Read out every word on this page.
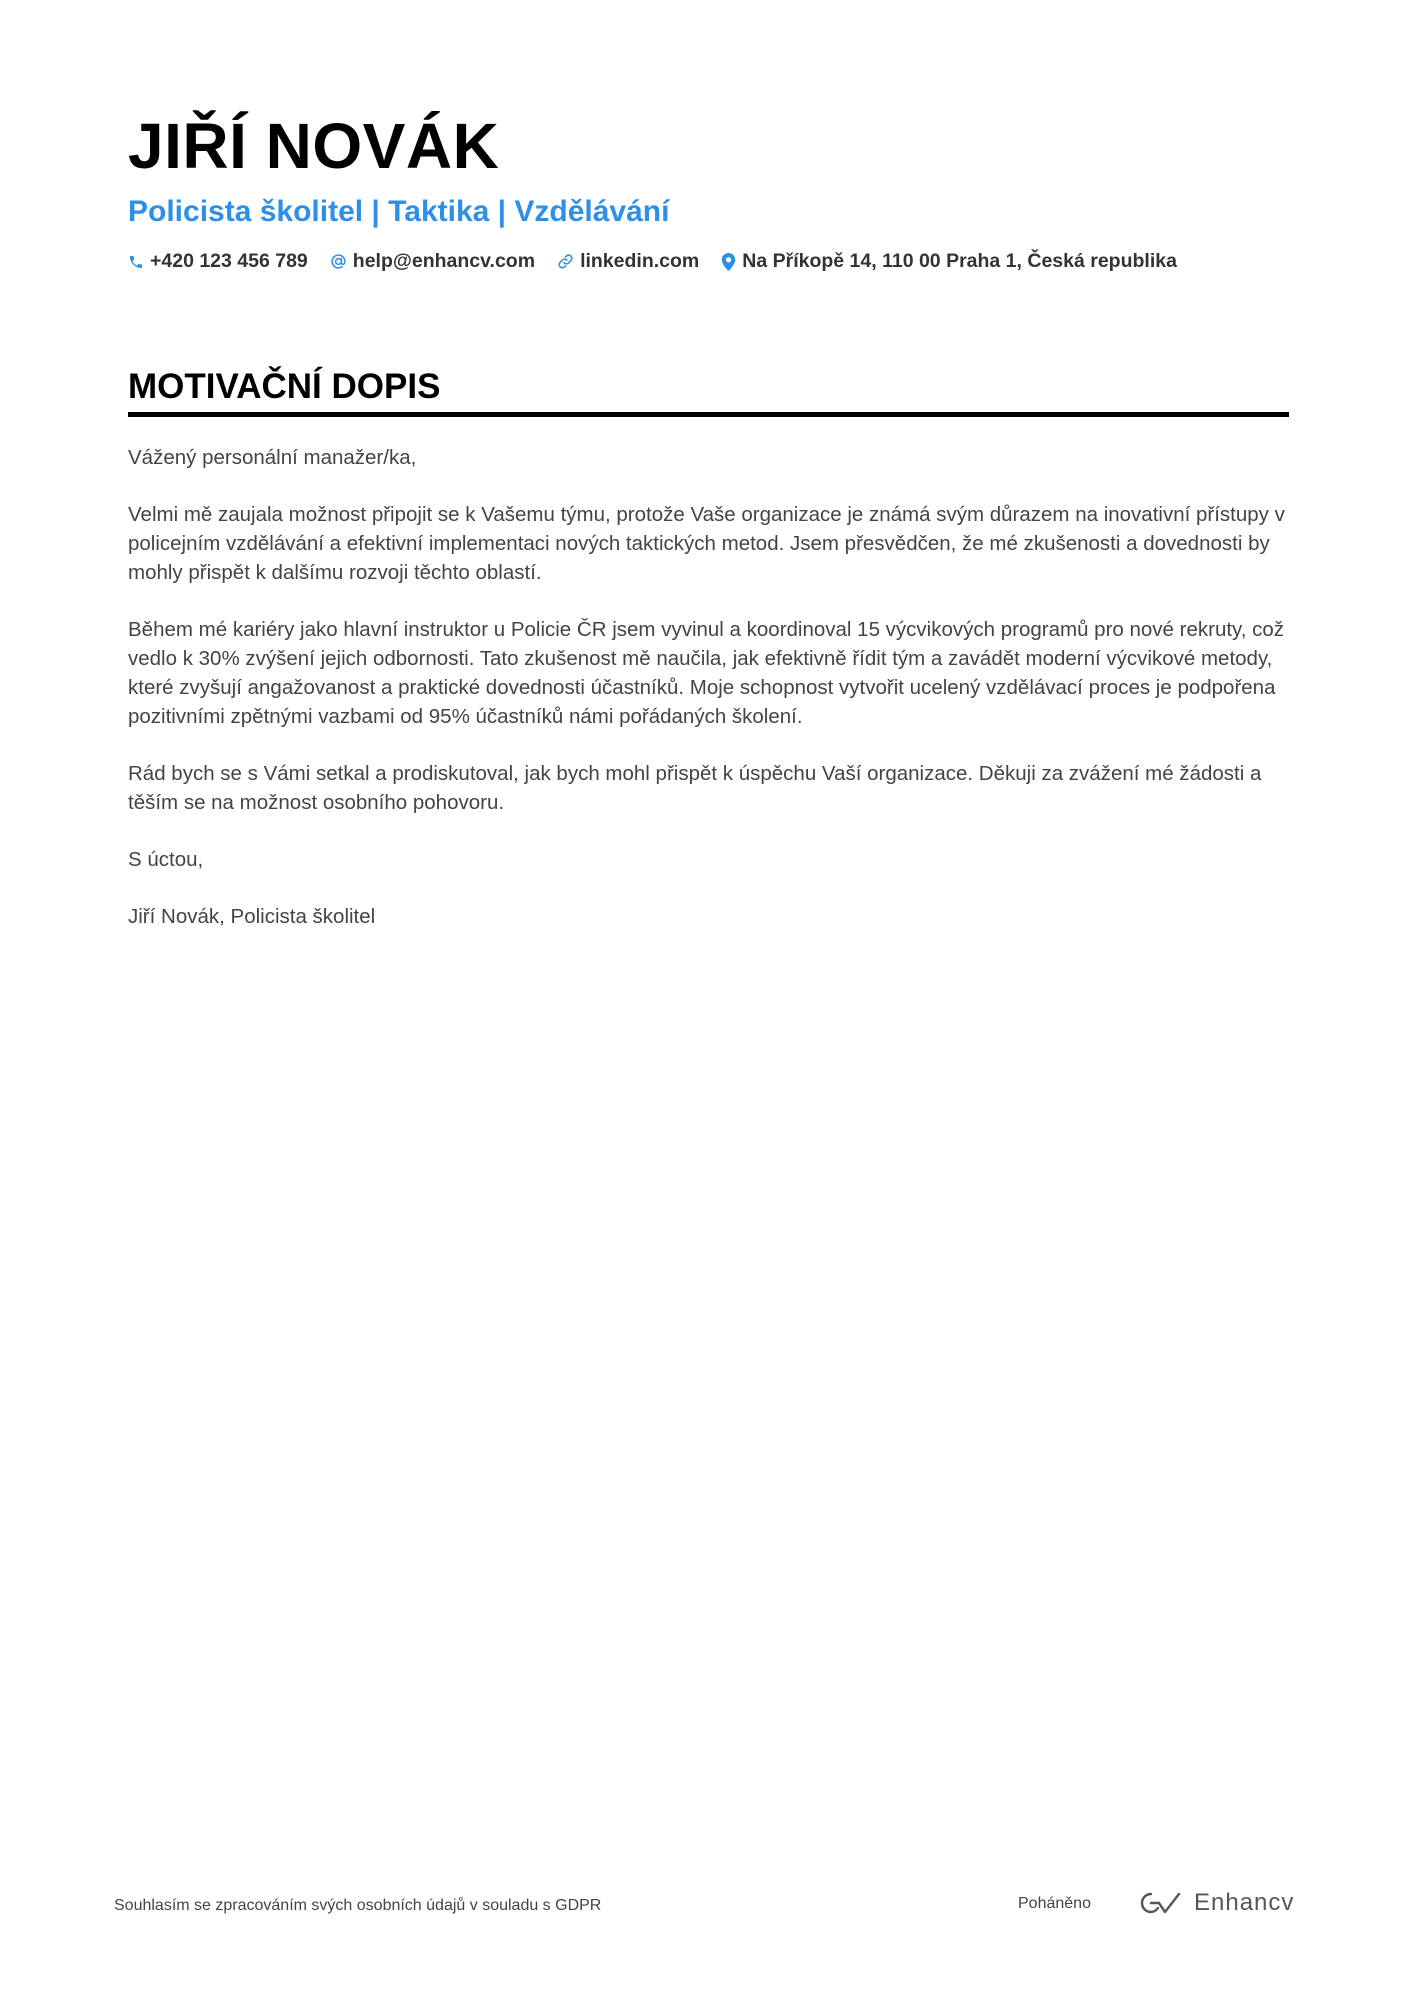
JIŘÍ NOVÁK
Policista školitel | Taktika | Vzdělávání
+420 123 456 789 help@enhancv.com linkedin.com Na Příkopě 14, 110 00 Praha 1, Česká republika
MOTIVAČNÍ DOPIS

Vážený personální manažer/ka,

Velmi mě zaujala možnost připojit se k Vašemu týmu, protože Vaše organizace je známá svým důrazem na inovativní přístupy v policejním vzdělávání a efektivní implementaci nových taktických metod. Jsem přesvědčen, že mé zkušenosti a dovednosti by mohly přispět k dalšímu rozvoji těchto oblastí.

Během mé kariéry jako hlavní instruktor u Policie ČR jsem vyvinul a koordinoval 15 výcvikových programů pro nové rekruty, což vedlo k 30% zvýšení jejich odbornosti. Tato zkušenost mě naučila, jak efektivně řídit tým a zavádět moderní výcvikové metody, které zvyšují angažovanost a praktické dovednosti účastníků. Moje schopnost vytvořit ucelený vzdělávací proces je podpořena pozitivními zpětnými vazbami od 95% účastníků námi pořádaných školení.

Rád bych se s Vámi setkal a prodiskutoval, jak bych mohl přispět k úspěchu Vaší organizace. Děkuji za zvážení mé žádosti a těším se na možnost osobního pohovoru.

S úctou,

Jiří Novák, Policista školitel

Souhlasím se zpracováním svých osobních údajů v souladu s GDPR	Poháněno	Enhancv
